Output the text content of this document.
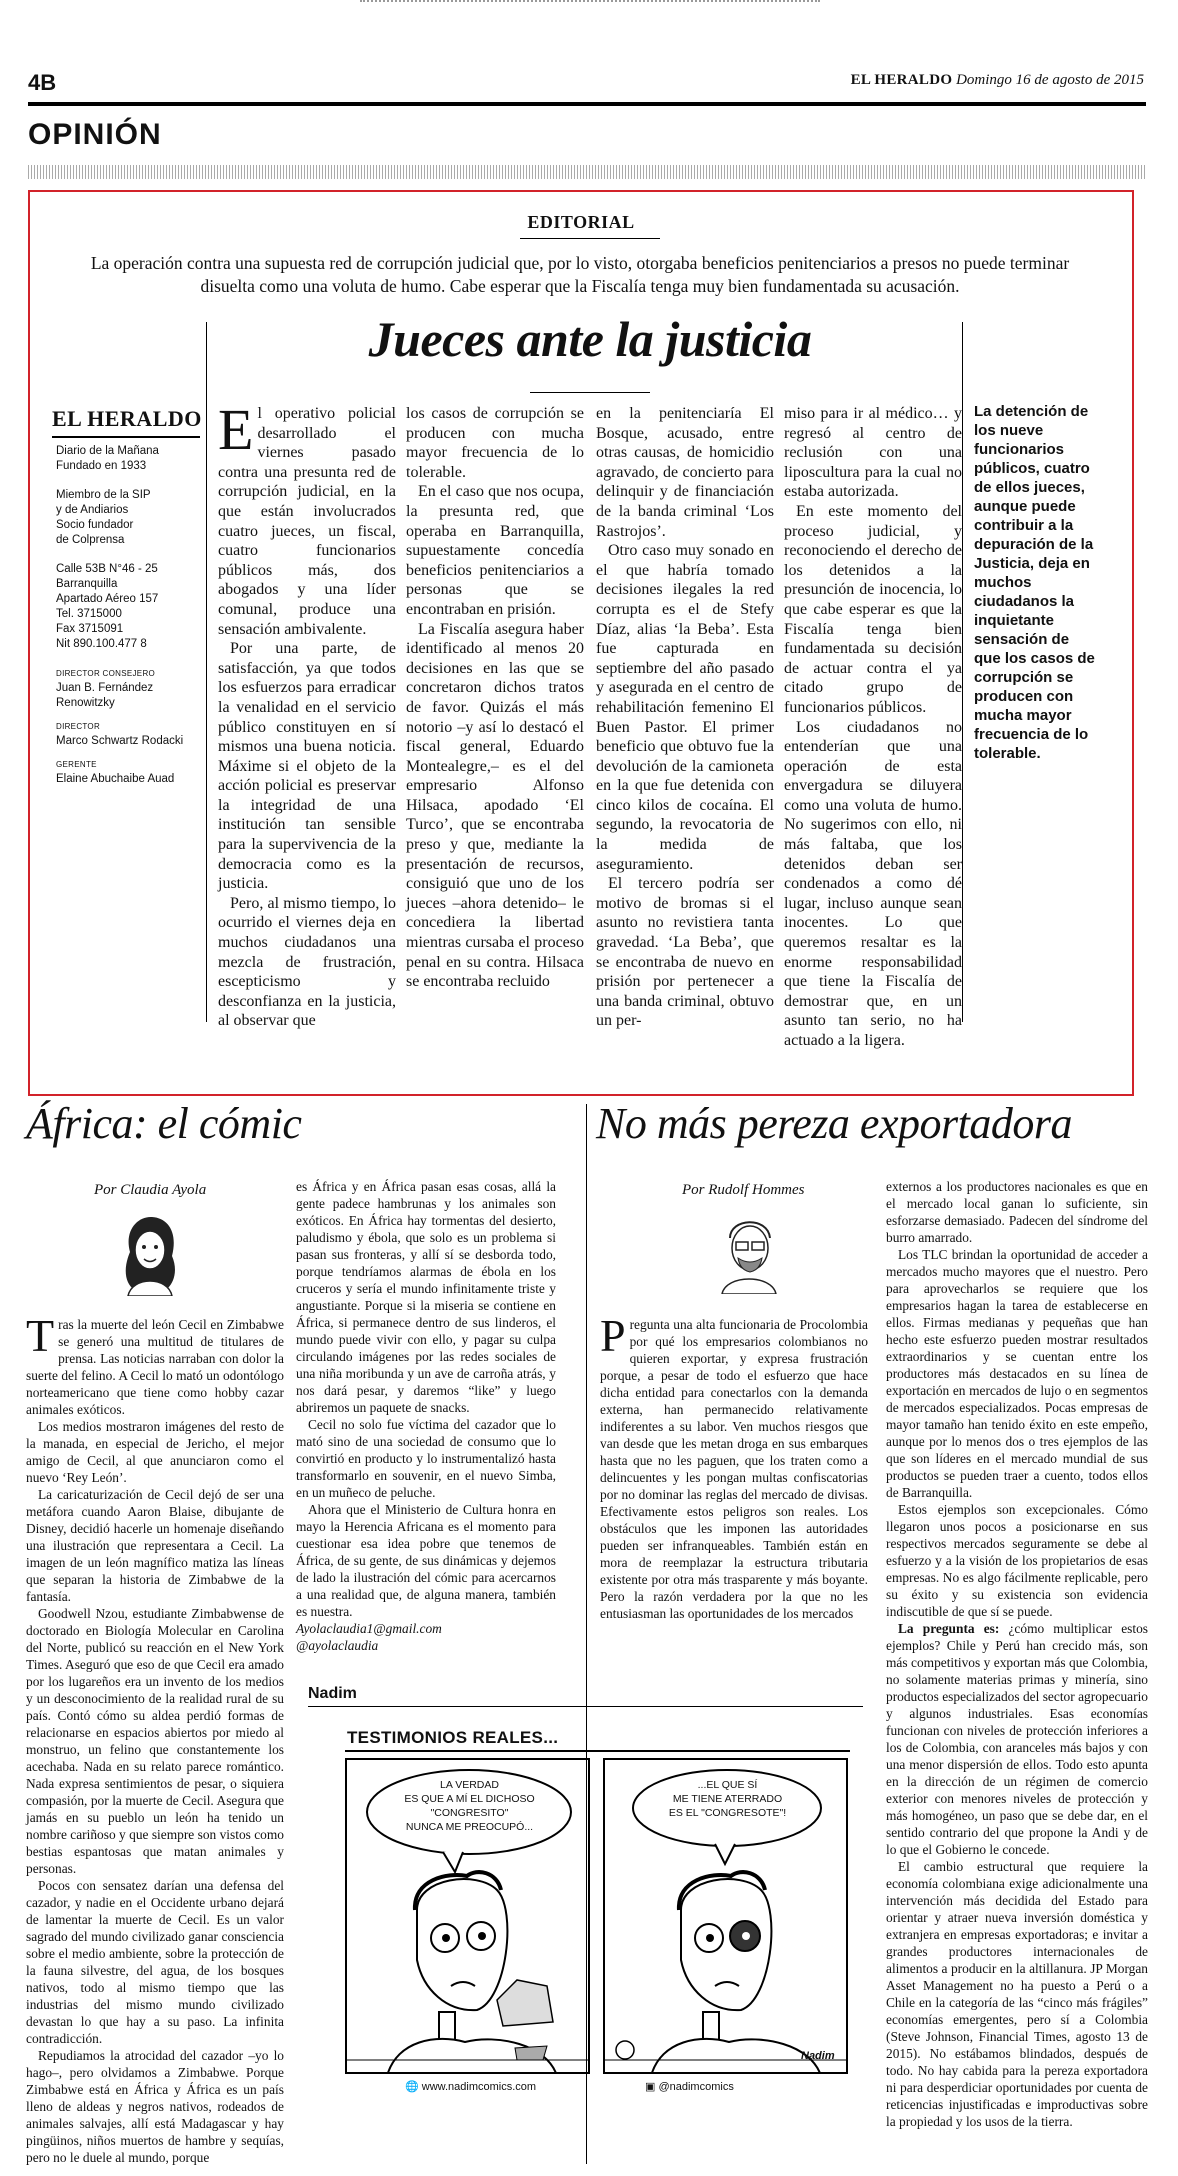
4B	EL HERALDO Domingo 16 de agosto de 2015
OPINIÓN
EDITORIAL
La operación contra una supuesta red de corrupción judicial que, por lo visto, otorgaba beneficios penitenciarios a presos no puede terminar disuelta como una voluta de humo. Cabe esperar que la Fiscalía tenga muy bien fundamentada su acusación.
Jueces ante la justicia
EL HERALDO
Diario de la Mañana
Fundado en 1933
Miembro de la SIP
y de Andiarios
Socio fundador
de Colprensa
Calle 53B N°46 - 25
Barranquilla
Apartado Aéreo 157
Tel. 3715000
Fax 3715091
Nit 890.100.477 8
DIRECTOR CONSEJERO
Juan B. Fernández Renowitzky
DIRECTOR
Marco Schwartz Rodacki
GERENTE
Elaine Abuchaibe Auad

El operativo policial desarrollado el viernes pasado contra una presunta red de corrupción judicial, en la que están involucrados cuatro jueces, un fiscal, cuatro funcionarios públicos más, dos abogados y una líder comunal, produce una sensación ambivalente.

Por una parte, de satisfacción, ya que todos los esfuerzos para erradicar la venalidad en el servicio público constituyen en sí mismos una buena noticia. Máxime si el objeto de la acción policial es preservar la integridad de una institución tan sensible para la supervivencia de la democracia como es la justicia.

Pero, al mismo tiempo, lo ocurrido el viernes deja en muchos ciudadanos una mezcla de frustración, escepticismo y desconfianza en la justicia, al observar que

los casos de corrupción se producen con mucha mayor frecuencia de lo tolerable.

En el caso que nos ocupa, la presunta red, que operaba en Barranquilla, supuestamente concedía beneficios penitenciarios a personas que se encontraban en prisión.

La Fiscalía asegura haber identificado al menos 20 decisiones en las que se concretaron dichos tratos de favor. Quizás el más notorio –y así lo destacó el fiscal general, Eduardo Montealegre,– es el del empresario Alfonso Hilsaca, apodado ‘El Turco’, que se encontraba preso y que, mediante la presentación de recursos, consiguió que uno de los jueces –ahora detenido– le concediera la libertad mientras cursaba el proceso penal en su contra. Hilsaca se encontraba recluido

en la penitenciaría El Bosque, acusado, entre otras causas, de homicidio agravado, de concierto para delinquir y de financiación de la banda criminal ‘Los Rastrojos’.

Otro caso muy sonado en el que habría tomado decisiones ilegales la red corrupta es el de Stefy Díaz, alias ‘la Beba’. Esta fue capturada en septiembre del año pasado y asegurada en el centro de rehabilitación femenino El Buen Pastor. El primer beneficio que obtuvo fue la devolución de la camioneta en la que fue detenida con cinco kilos de cocaína. El segundo, la revocatoria de la medida de aseguramiento.

El tercero podría ser motivo de bromas si el asunto no revistiera tanta gravedad. ‘La Beba’, que se encontraba de nuevo en prisión por pertenecer a una banda criminal, obtuvo un per-

miso para ir al médico… y regresó al centro de reclusión con una liposcultura para la cual no estaba autorizada.

En este momento del proceso judicial, y reconociendo el derecho de los detenidos a la presunción de inocencia, lo que cabe esperar es que la Fiscalía tenga bien fundamentada su decisión de actuar contra el ya citado grupo de funcionarios públicos.

Los ciudadanos no entenderían que una operación de esta envergadura se diluyera como una voluta de humo. No sugerimos con ello, ni más faltaba, que los detenidos deban ser condenados a como dé lugar, incluso aunque sean inocentes. Lo que queremos resaltar es la enorme responsabilidad que tiene la Fiscalía de demostrar que, en un asunto tan serio, no ha actuado a la ligera.

La detención de los nueve funcionarios públicos, cuatro de ellos jueces, aunque puede contribuir a la depuración de la Justicia, deja en muchos ciudadanos la inquietante sensación de que los casos de corrupción se producen con mucha mayor frecuencia de lo tolerable.
África: el cómic
Por Claudia Ayola

Tras la muerte del león Cecil en Zimbabwe se generó una multitud de titulares de prensa. Las noticias narraban con dolor la suerte del felino. A Cecil lo mató un odontólogo norteamericano que tiene como hobby cazar animales exóticos.

Los medios mostraron imágenes del resto de la manada, en especial de Jericho, el mejor amigo de Cecil, al que anunciaron como el nuevo ‘Rey León’.

La caricaturización de Cecil dejó de ser una metáfora cuando Aaron Blaise, dibujante de Disney, decidió hacerle un homenaje diseñando una ilustración que representara a Cecil. La imagen de un león magnífico matiza las líneas que separan la historia de Zimbabwe de la fantasía.

Goodwell Nzou, estudiante Zimbabwense de doctorado en Biología Molecular en Carolina del Norte, publicó su reacción en el New York Times. Aseguró que eso de que Cecil era amado por los lugareños era un invento de los medios y un desconocimiento de la realidad rural de su país. Contó cómo su aldea perdió formas de relacionarse en espacios abiertos por miedo al monstruo, un felino que constantemente los acechaba. Nada en su relato parece romántico. Nada expresa sentimientos de pesar, o siquiera compasión, por la muerte de Cecil. Asegura que jamás en su pueblo un león ha tenido un nombre cariñoso y que siempre son vistos como bestias espantosas que matan animales y personas.

Pocos con sensatez darían una defensa del cazador, y nadie en el Occidente urbano dejará de lamentar la muerte de Cecil. Es un valor sagrado del mundo civilizado ganar consciencia sobre el medio ambiente, sobre la protección de la fauna silvestre, del agua, de los bosques nativos, todo al mismo tiempo que las industrias del mismo mundo civilizado devastan lo que hay a su paso. La infinita contradicción.

Repudiamos la atrocidad del cazador –yo lo hago–, pero olvidamos a Zimbabwe. Porque Zimbabwe está en África y África es un país lleno de aldeas y negros nativos, rodeados de animales salvajes, allí está Madagascar y hay pingüinos, niños muertos de hambre y sequías, pero no le duele al mundo, porque

es África y en África pasan esas cosas, allá la gente padece hambrunas y los animales son exóticos. En África hay tormentas del desierto, paludismo y ébola, que solo es un problema si pasan sus fronteras, y allí sí se desborda todo, porque tendríamos alarmas de ébola en los cruceros y sería el mundo infinitamente triste y angustiante. Porque si la miseria se contiene en África, si permanece dentro de sus linderos, el mundo puede vivir con ello, y pagar su culpa circulando imágenes por las redes sociales de una niña moribunda y un ave de carroña atrás, y nos dará pesar, y daremos “like” y luego abriremos un paquete de snacks.

Cecil no solo fue víctima del cazador que lo mató sino de una sociedad de consumo que lo convirtió en producto y lo instrumentalizó hasta transformarlo en souvenir, en el nuevo Simba, en un muñeco de peluche.

Ahora que el Ministerio de Cultura honra en mayo la Herencia Africana es el momento para cuestionar esa idea pobre que tenemos de África, de su gente, de sus dinámicas y dejemos de lado la ilustración del cómic para acercarnos a una realidad que, de alguna manera, también es nuestra.

Ayolaclaudia1@gmail.com

@ayolaclaudia

Nadim
TESTIMONIOS REALES...
LA VERDAD
ES QUE A MÍ EL DICHOSO
"CONGRESITO"
NUNCA ME PREOCUPÓ...
...EL QUE SÍ
ME TIENE ATERRADO
ES EL "CONGRESOTE"!
Nadim
🌐 www.nadimcomics.com	▣ @nadimcomics
No más pereza exportadora
Por Rudolf Hommes

Pregunta una alta funcionaria de Procolombia por qué los empresarios colombianos no quieren exportar, y expresa frustración porque, a pesar de todo el esfuerzo que hace dicha entidad para conectarlos con la demanda externa, han permanecido relativamente indiferentes a su labor. Ven muchos riesgos que van desde que les metan droga en sus embarques hasta que no les paguen, que los traten como a delincuentes y les pongan multas confiscatorias por no dominar las reglas del mercado de divisas. Efectivamente estos peligros son reales. Los obstáculos que les imponen las autoridades pueden ser infranqueables. También están en mora de reemplazar la estructura tributaria existente por otra más trasparente y más boyante. Pero la razón verdadera por la que no les entusiasman las oportunidades de los mercados

externos a los productores nacionales es que en el mercado local ganan lo suficiente, sin esforzarse demasiado. Padecen del síndrome del burro amarrado.

Los TLC brindan la oportunidad de acceder a mercados mucho mayores que el nuestro. Pero para aprovecharlos se requiere que los empresarios hagan la tarea de establecerse en ellos. Firmas medianas y pequeñas que han hecho este esfuerzo pueden mostrar resultados extraordinarios y se cuentan entre los productores más destacados en su línea de exportación en mercados de lujo o en segmentos de mercados especializados. Pocas empresas de mayor tamaño han tenido éxito en este empeño, aunque por lo menos dos o tres ejemplos de las que son líderes en el mercado mundial de sus productos se pueden traer a cuento, todos ellos de Barranquilla.

Estos ejemplos son excepcionales. Cómo llegaron unos pocos a posicionarse en sus respectivos mercados seguramente se debe al esfuerzo y a la visión de los propietarios de esas empresas. No es algo fácilmente replicable, pero su éxito y su existencia son evidencia indiscutible de que sí se puede.

La pregunta es: ¿cómo multiplicar estos ejemplos? Chile y Perú han crecido más, son más competitivos y exportan más que Colombia, no solamente materias primas y minería, sino productos especializados del sector agropecuario y algunos industriales. Esas economías funcionan con niveles de protección inferiores a los de Colombia, con aranceles más bajos y con una menor dispersión de ellos. Todo esto apunta en la dirección de un régimen de comercio exterior con menores niveles de protección y más homogéneo, un paso que se debe dar, en el sentido contrario del que propone la Andi y de lo que el Gobierno le concede.

El cambio estructural que requiere la economía colombiana exige adicionalmente una intervención más decidida del Estado para orientar y atraer nueva inversión doméstica y extranjera en empresas exportadoras; e invitar a grandes productores internacionales de alimentos a producir en la altillanura. JP Morgan Asset Management no ha puesto a Perú o a Chile en la categoría de las “cinco más frágiles” economías emergentes, pero sí a Colombia (Steve Johnson, Financial Times, agosto 13 de 2015). No estábamos blindados, después de todo. No hay cabida para la pereza exportadora ni para desperdiciar oportunidades por cuenta de reticencias injustificadas e improductivas sobre la propiedad y los usos de la tierra.
